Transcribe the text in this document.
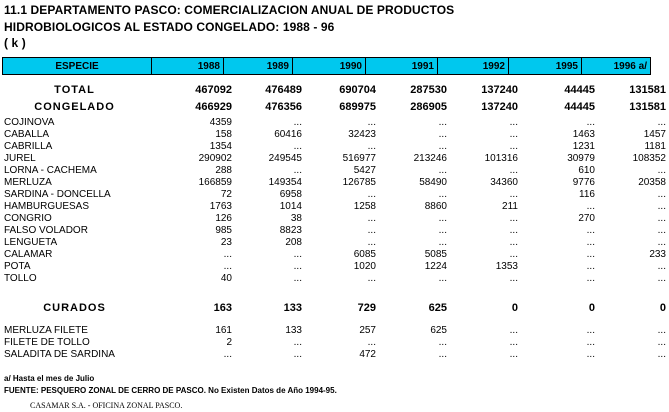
11.1 DEPARTAMENTO PASCO: COMERCIALIZACION ANUAL DE PRODUCTOS
HIDROBIOLOGICOS AL ESTADO CONGELADO: 1988 - 96
( k )
ESPECIE	1988	1989	1990	1991	1992	1995	1996 a/
TOTAL	467092	476489	690704	287530	137240	44445	131581
CONGELADO	466929	476356	689975	286905	137240	44445	131581
COJINOVA	4359	...	...	...	...	...	...
CABALLA	158	60416	32423	...	...	1463	1457
CABRILLA	1354	...	...	...	...	1231	1181
JUREL	290902	249545	516977	213246	101316	30979	108352
LORNA - CACHEMA	288	...	5427	...	...	610	...
MERLUZA	166859	149354	126785	58490	34360	9776	20358
SARDINA - DONCELLA	72	6958	...	...	...	116	...
HAMBURGUESAS	1763	1014	1258	8860	211	...	...
CONGRIO	126	38	...	...	...	270	...
FALSO VOLADOR	985	8823	...	...	...	...	...
LENGUETA	23	208	...	...	...	...	...
CALAMAR	...	...	6085	5085	...	...	233
POTA	...	...	1020	1224	1353	...	...
TOLLO	40	...	...	...	...	...	...
CURADOS	163	133	729	625	0	0	0
MERLUZA FILETE	161	133	257	625	...	...	...
FILETE DE TOLLO	2	...	...	...	...	...	...
SALADITA DE SARDINA	...	...	472	...	...	...	...
a/ Hasta el mes de Julio
FUENTE: PESQUERO ZONAL DE CERRO DE PASCO. No Existen Datos de Año 1994-95.
CASAMAR S.A. - OFICINA ZONAL PASCO.
